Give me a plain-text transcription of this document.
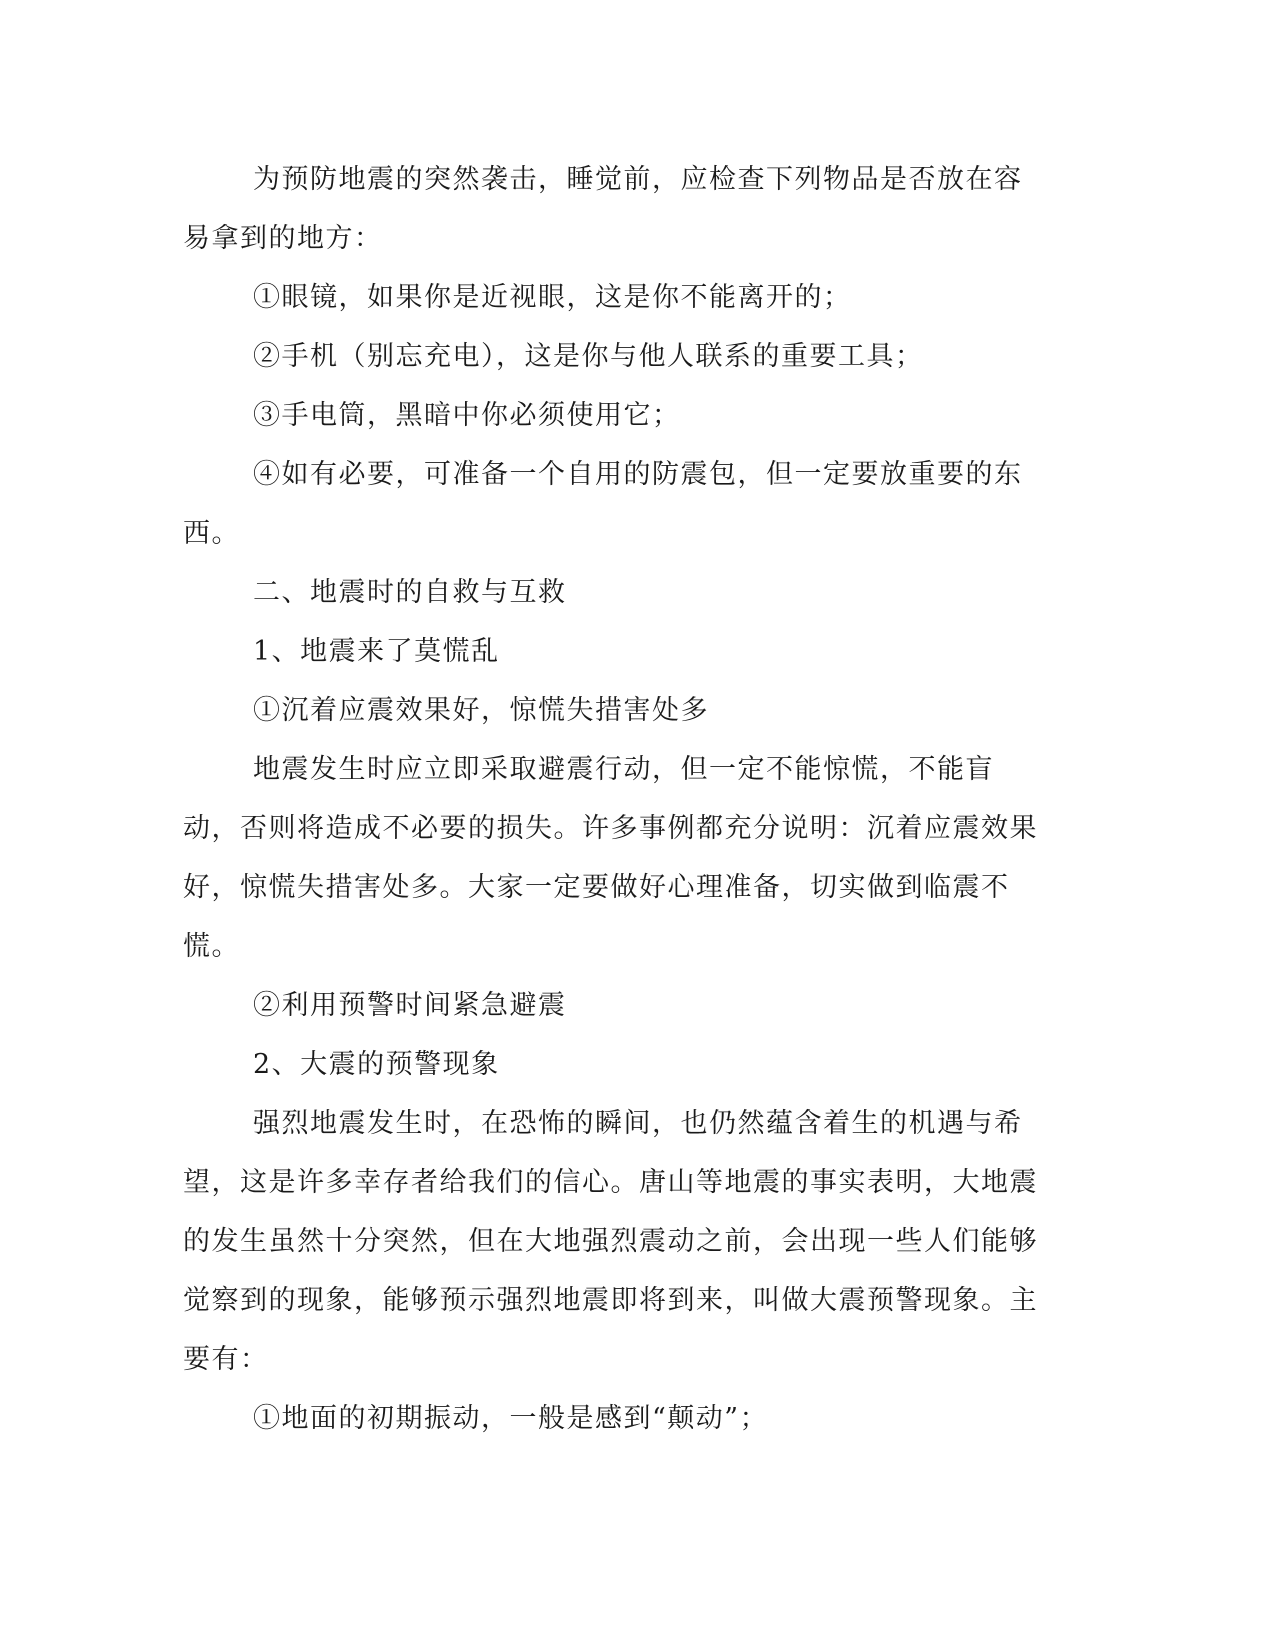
为预防地震的突然袭击，睡觉前，应检查下列物品是否放在容易拿到的地方：

①眼镜，如果你是近视眼，这是你不能离开的；

②手机（别忘充电），这是你与他人联系的重要工具；

③手电筒，黑暗中你必须使用它；

④如有必要，可准备一个自用的防震包，但一定要放重要的东西。

二、地震时的自救与互救

1、地震来了莫慌乱

①沉着应震效果好，惊慌失措害处多

地震发生时应立即采取避震行动，但一定不能惊慌，不能盲动，否则将造成不必要的损失。许多事例都充分说明：沉着应震效果好，惊慌失措害处多。大家一定要做好心理准备，切实做到临震不慌。

②利用预警时间紧急避震

2、大震的预警现象

强烈地震发生时，在恐怖的瞬间，也仍然蕴含着生的机遇与希望，这是许多幸存者给我们的信心。唐山等地震的事实表明，大地震的发生虽然十分突然，但在大地强烈震动之前，会出现一些人们能够觉察到的现象，能够预示强烈地震即将到来，叫做大震预警现象。主要有：

①地面的初期振动，一般是感到“颠动”；
